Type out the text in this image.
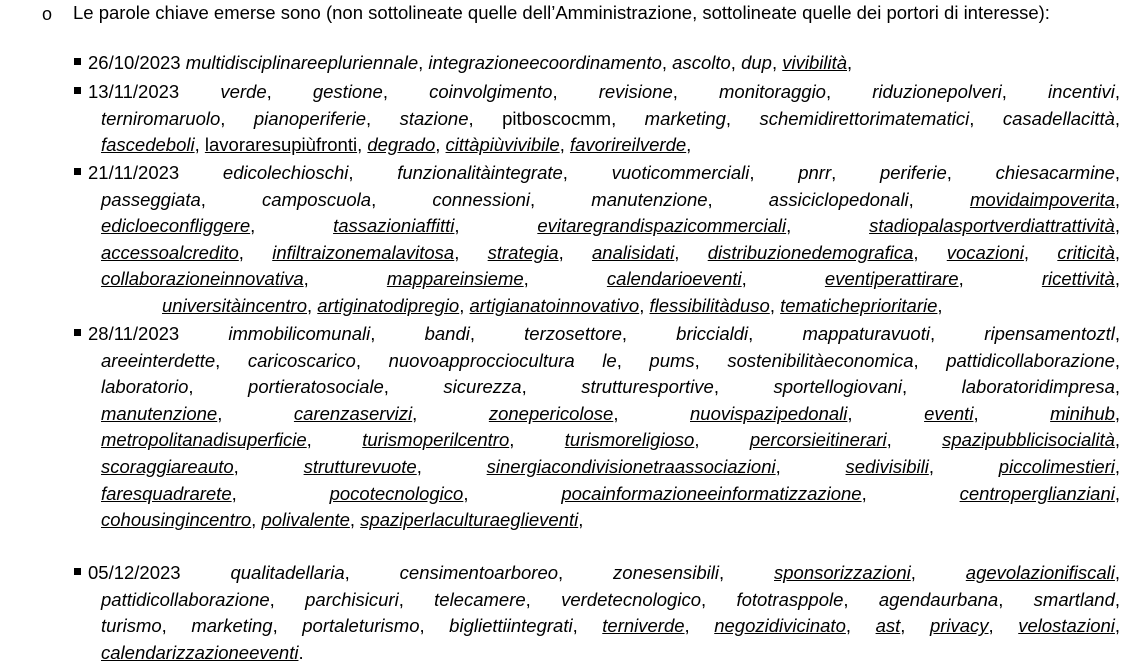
o Le parole chiave emerse sono (non sottolineate quelle dell’Amministrazione, sottolineate quelle dei portori di interesse):
26/10/2023 multidisciplinareepluriennale, integrazioneecoordinamento, ascolto, dup, vivibilità,
13/11/2023 verde, gestione, coinvolgimento, revisione, monitoraggio, riduzionepolveri, incentivi,
terniromaruolo, pianoperiferie, stazione, pitboscocmm, marketing, schemidirettorimatematici, casadellacittà,
fascedeboli, lavoraresupiùfronti, degrado, cittàpiùvivibile, favorireilverde,
21/11/2023 edicolechioschi, funzionalitàintegrate, vuoticommerciali, pnrr, periferie, chiesacarmine,
passeggiata, camposcuola, connessioni, manutenzione, assiciclopedonali, movidaimpoverita,
edicloeconfliggere, tassazioniaffitti, evitaregrandispazicommerciali, stadiopalasportverdiattrattività,
accessoalcredito, infiltraizonemalavitosa, strategia, analisidati, distribuzionedemografica, vocazioni, criticità,
collaborazioneinnovativa, mappareinsieme, calendarioeventi, eventiperattirare, ricettività,
universitàincentro, artiginatodipregio, artigianatoinnovativo, flessibilitàduso, tematicheprioritarie,
28/11/2023	immobilicomunali, bandi, terzosettore, briccialdi, mappaturavuoti, ripensamentoztl,
areeinterdette, caricoscarico, nuovoapprocciocultura le, pums, sostenibilitàeconomica, pattidicollaborazione,
laboratorio, portieratosociale, sicurezza, strutturesportive, sportellogiovani, laboratoridimpresa,
manutenzione, carenzaservizi, zonepericolose, nuovispazipedonali, eventi, minihub,
metropolitanadisuperficie, turismoperilcentro, turismoreligioso, percorsieitinerari, spazipubblicisocialità,
scoraggiareauto, strutturevuote, sinergiacondivisionetraassociazioni, sedivisibili, piccolimestieri,
faresquadrarete, pocotecnologico, pocainformazioneeinformatizzazione, centroperglianziani,
cohousingincentro, polivalente, spaziperlaculturaeglieventi,
05/12/2023	qualitadellaria, censimentoarboreo, zonesensibili, sponsorizzazioni, agevolazionifiscali,
pattidicollaborazione, parchisicuri, telecamere, verdetecnologico, fototrasppole, agendaurbana, smartland,
turismo, marketing, portaleturismo, bigliettiintegrati, terniverde, negozidivicinato, ast, privacy, velostazioni,
calendarizzazioneeventi.
